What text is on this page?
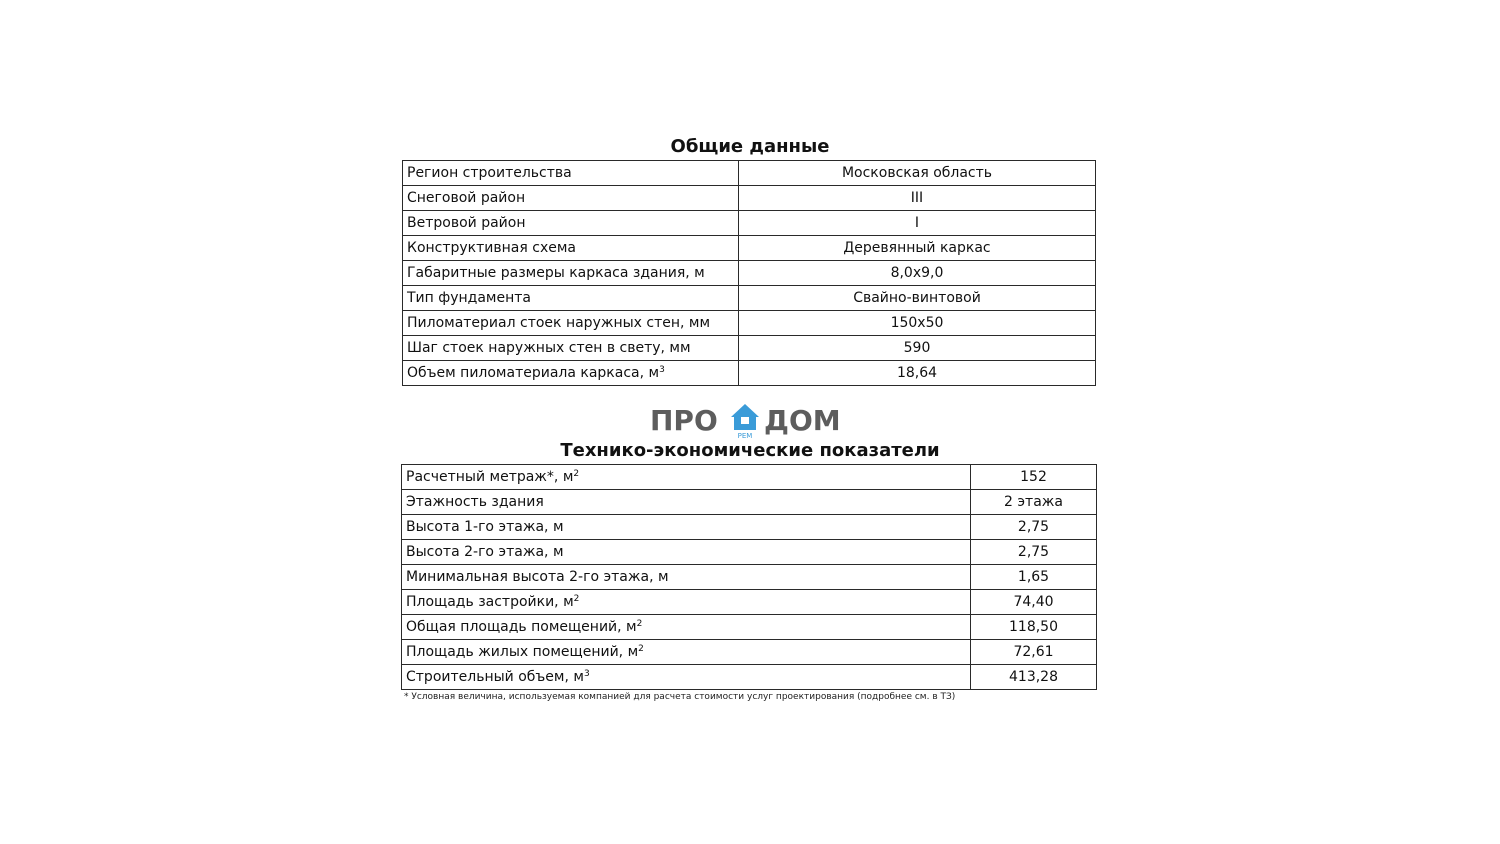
Общие данные
Регион строительства	Московская область
Снеговой район	III
Ветровой район	I
Конструктивная схема	Деревянный каркас
Габаритные размеры каркаса здания, м	8,0x9,0
Тип фундамента	Свайно-винтовой
Пиломатериал стоек наружных стен, мм	150x50
Шаг стоек наружных стен в свету, мм	590
Объем пиломатериала каркаса, $м^3$	18,64
ПРО	РЕМ ДОМ
Технико-экономические показатели
Расчетный метраж*, $м^2$	152
Этажность здания	2 этажа
Высота 1-го этажа, м	2,75
Высота 2-го этажа, м	2,75
Минимальная высота 2-го этажа, м	1,65
Площадь застройки, $м^2$	74,40
Общая площадь помещений, $м^2$	118,50
Площадь жилых помещений, $м^2$	72,61
Строительный объем, $м^3$	413,28
* Условная величина, используемая компанией для расчета стоимости услуг проектирования (подробнее см. в ТЗ)
